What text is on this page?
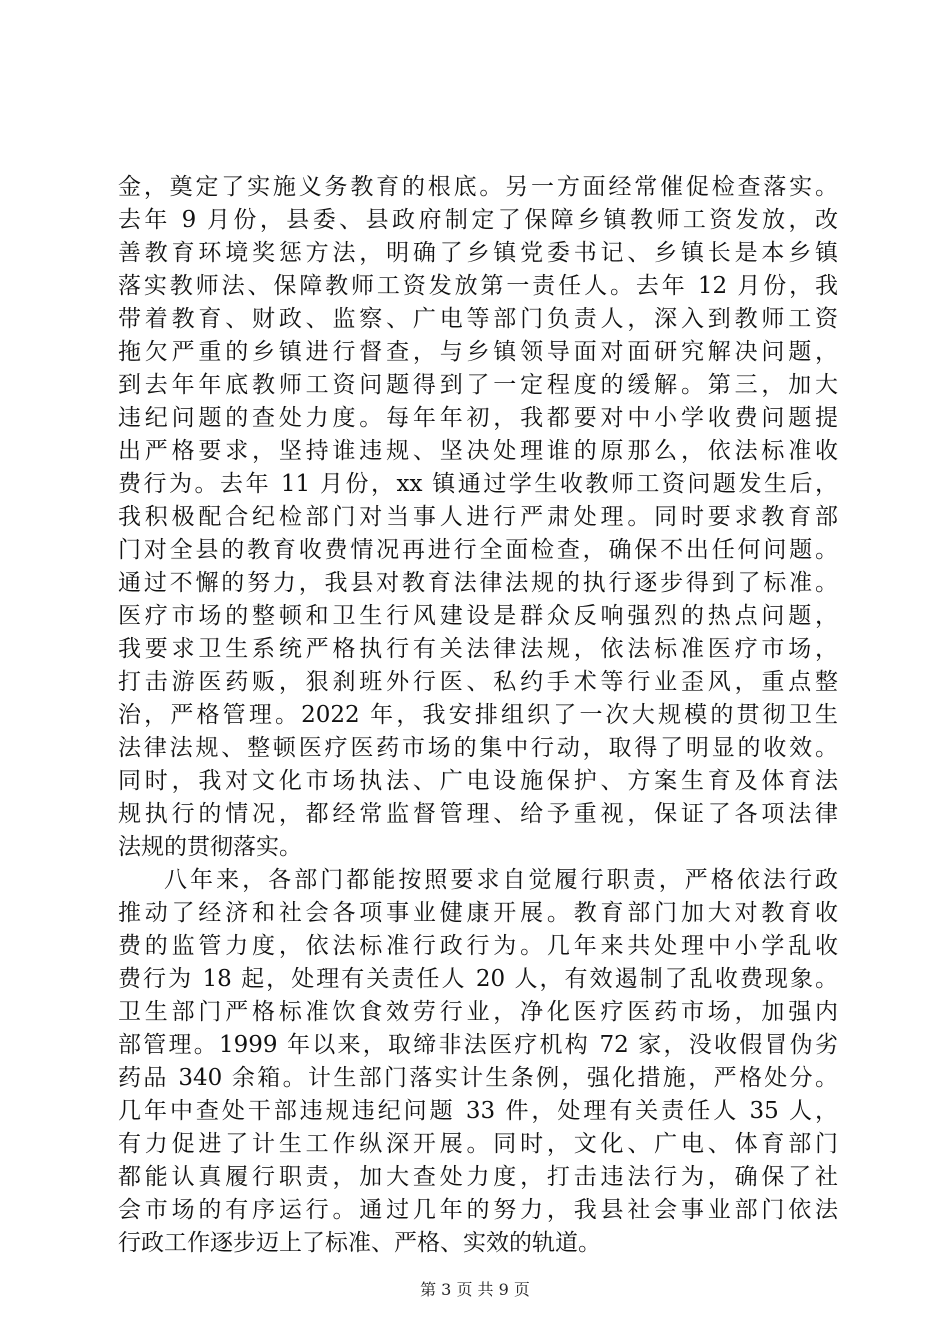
金，奠定了实施义务教育的根底。另一方面经常催促检查落实。
去年 9 月份，县委、县政府制定了保障乡镇教师工资发放，改
善教育环境奖惩方法，明确了乡镇党委书记、乡镇长是本乡镇
落实教师法、保障教师工资发放第一责任人。去年 12 月份，我
带着教育、财政、监察、广电等部门负责人，深入到教师工资
拖欠严重的乡镇进行督查，与乡镇领导面对面研究解决问题，
到去年年底教师工资问题得到了一定程度的缓解。第三，加大
违纪问题的查处力度。每年年初，我都要对中小学收费问题提
出严格要求，坚持谁违规、坚决处理谁的原那么，依法标准收
费行为。去年 11 月份，xx 镇通过学生收教师工资问题发生后，
我积极配合纪检部门对当事人进行严肃处理。同时要求教育部
门对全县的教育收费情况再进行全面检查，确保不出任何问题。
通过不懈的努力，我县对教育法律法规的执行逐步得到了标准。
医疗市场的整顿和卫生行风建设是群众反响强烈的热点问题，
我要求卫生系统严格执行有关法律法规，依法标准医疗市场，
打击游医药贩，狠刹班外行医、私约手术等行业歪风，重点整
治，严格管理。2022 年，我安排组织了一次大规模的贯彻卫生
法律法规、整顿医疗医药市场的集中行动，取得了明显的收效。
同时，我对文化市场执法、广电设施保护、方案生育及体育法
规执行的情况，都经常监督管理、给予重视，保证了各项法律
法规的贯彻落实。
八年来，各部门都能按照要求自觉履行职责，严格依法行政
推动了经济和社会各项事业健康开展。教育部门加大对教育收
费的监管力度，依法标准行政行为。几年来共处理中小学乱收
费行为 18 起，处理有关责任人 20 人，有效遏制了乱收费现象。
卫生部门严格标准饮食效劳行业，净化医疗医药市场，加强内
部管理。1999 年以来，取缔非法医疗机构 72 家，没收假冒伪劣
药品 340 余箱。计生部门落实计生条例，强化措施，严格处分。
几年中查处干部违规违纪问题 33 件，处理有关责任人 35 人，
有力促进了计生工作纵深开展。同时，文化、广电、体育部门
都能认真履行职责，加大查处力度，打击违法行为，确保了社
会市场的有序运行。通过几年的努力，我县社会事业部门依法
行政工作逐步迈上了标准、严格、实效的轨道。
第 3 页 共 9 页
